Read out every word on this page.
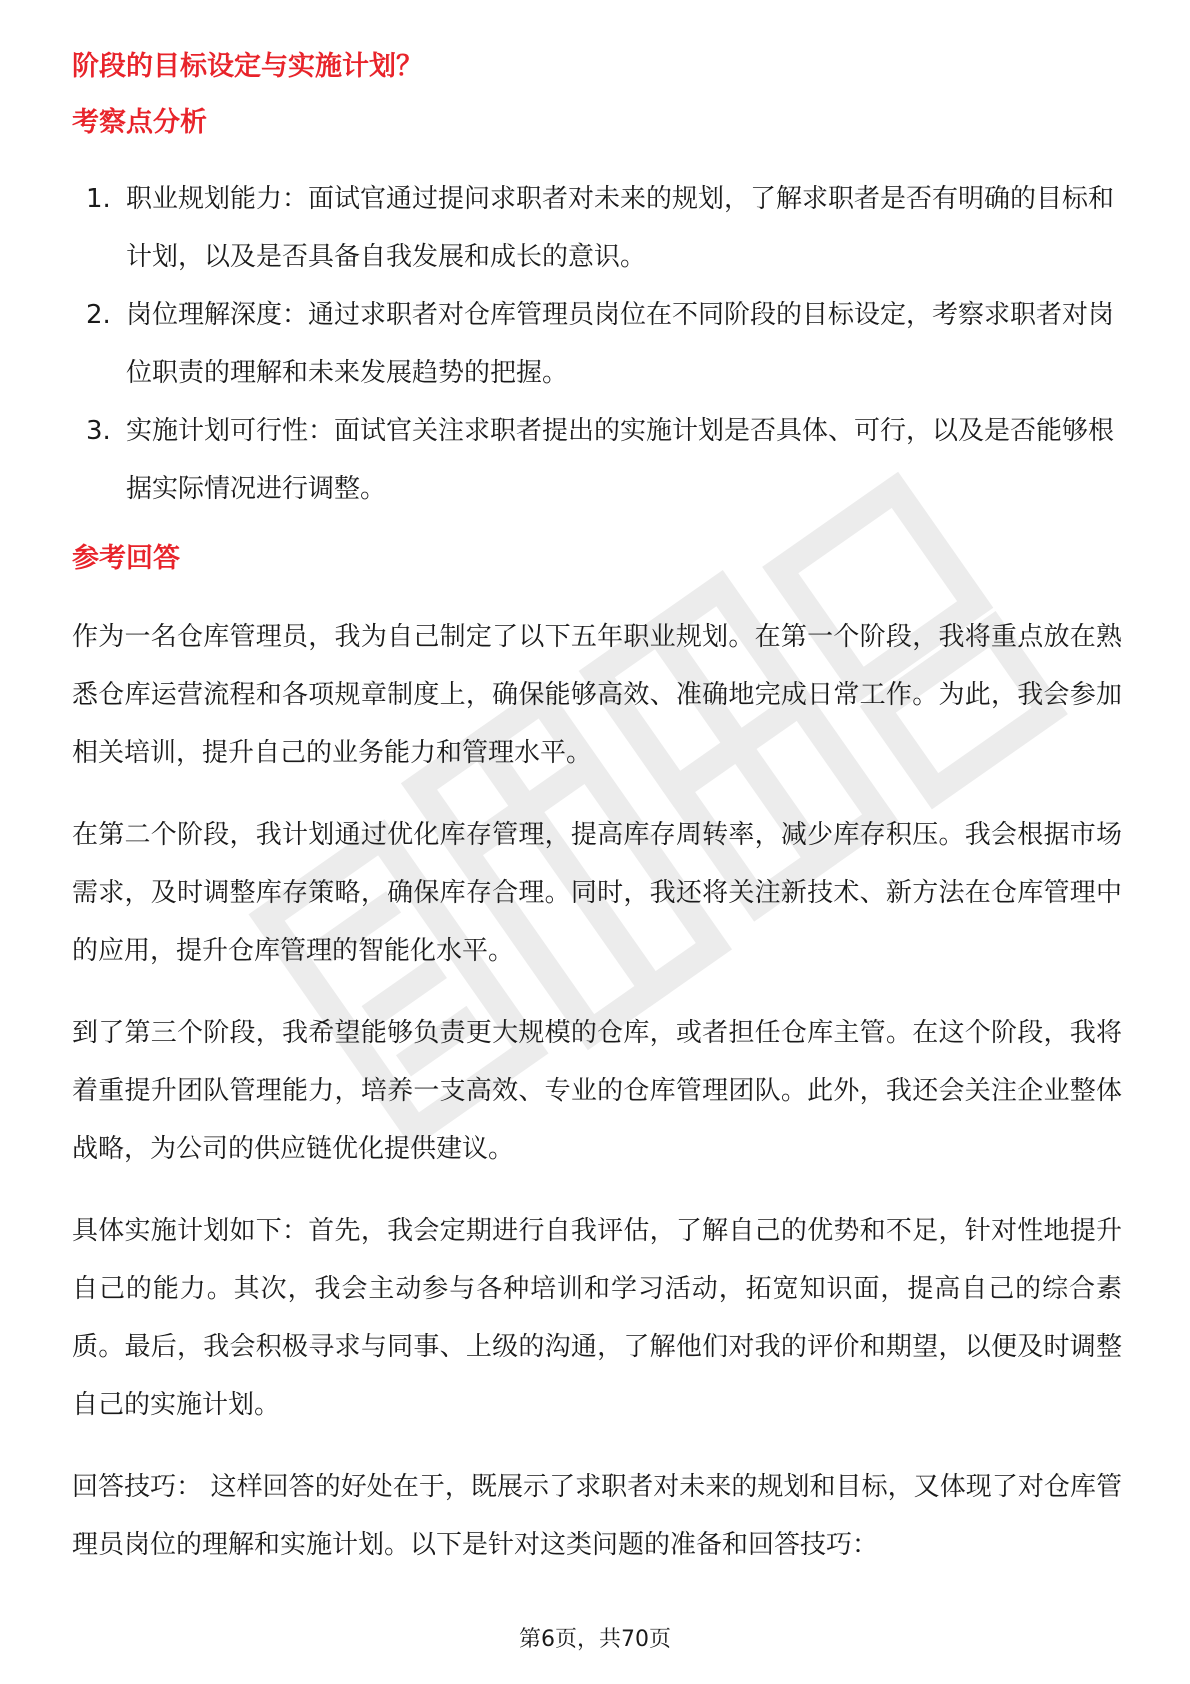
阶段的目标设定与实施计划？
考察点分析
1. 职业规划能力：面试官通过提问求职者对未来的规划，了解求职者是否有明确的目标和计划，以及是否具备自我发展和成长的意识。
2. 岗位理解深度：通过求职者对仓库管理员岗位在不同阶段的目标设定，考察求职者对岗位职责的理解和未来发展趋势的把握。
3. 实施计划可行性：面试官关注求职者提出的实施计划是否具体、可行，以及是否能够根据实际情况进行调整。
参考回答

作为一名仓库管理员，我为自己制定了以下五年职业规划。在第一个阶段，我将重点放在熟悉仓库运营流程和各项规章制度上，确保能够高效、准确地完成日常工作。为此，我会参加相关培训，提升自己的业务能力和管理水平。

在第二个阶段，我计划通过优化库存管理，提高库存周转率，减少库存积压。我会根据市场需求，及时调整库存策略，确保库存合理。同时，我还将关注新技术、新方法在仓库管理中的应用，提升仓库管理的智能化水平。

到了第三个阶段，我希望能够负责更大规模的仓库，或者担任仓库主管。在这个阶段，我将着重提升团队管理能力，培养一支高效、专业的仓库管理团队。此外，我还会关注企业整体战略，为公司的供应链优化提供建议。

具体实施计划如下：首先，我会定期进行自我评估，了解自己的优势和不足，针对性地提升自己的能力。其次，我会主动参与各种培训和学习活动，拓宽知识面，提高自己的综合素质。最后，我会积极寻求与同事、上级的沟通，了解他们对我的评价和期望，以便及时调整自己的实施计划。

回答技巧： 这样回答的好处在于，既展示了求职者对未来的规划和目标，又体现了对仓库管理员岗位的理解和实施计划。以下是针对这类问题的准备和回答技巧：

第6页，共70页
